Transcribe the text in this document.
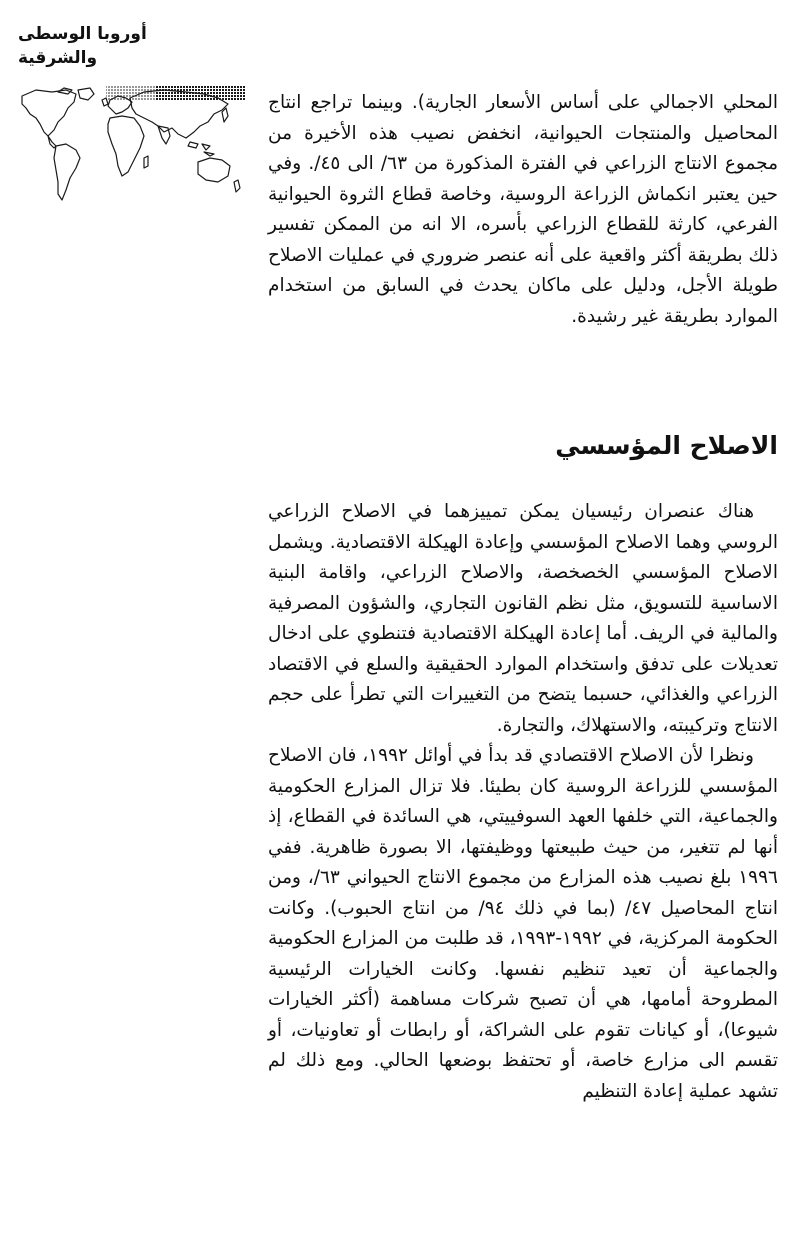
أوروبا الوسطى والشرقية

المحلي الاجمالي على أساس الأسعار الجارية). وبينما تراجع انتاج المحاصيل والمنتجات الحيوانية، انخفض نصيب هذه الأخيرة من مجموع الانتاج الزراعي في الفترة المذكورة من ٦٣/ الى ٤٥/. وفي حين يعتبر انكماش الزراعة الروسية، وخاصة قطاع الثروة الحيوانية الفرعي، كارثة للقطاع الزراعي بأسره، الا انه من الممكن تفسير ذلك بطريقة أكثر واقعية على أنه عنصر ضروري في عمليات الاصلاح طويلة الأجل، ودليل على ماكان يحدث في السابق من استخدام الموارد بطريقة غير رشيدة.

الاصلاح المؤسسي

هناك عنصران رئيسيان يمكن تمييزهما في الاصلاح الزراعي الروسي وهما الاصلاح المؤسسي وإعادة الهيكلة الاقتصادية. ويشمل الاصلاح المؤسسي الخصخصة، والاصلاح الزراعي، واقامة البنية الاساسية للتسويق، مثل نظم القانون التجاري، والشؤون المصرفية والمالية في الريف. أما إعادة الهيكلة الاقتصادية فتنطوي على ادخال تعديلات على تدفق واستخدام الموارد الحقيقية والسلع في الاقتصاد الزراعي والغذائي، حسبما يتضح من التغييرات التي تطرأ على حجم الانتاج وتركيبته، والاستهلاك، والتجارة.

ونظرا لأن الاصلاح الاقتصادي قد بدأ في أوائل ١٩٩٢، فان الاصلاح المؤسسي للزراعة الروسية كان بطيئا. فلا تزال المزارع الحكومية والجماعية، التي خلفها العهد السوفييتي، هي السائدة في القطاع، إذ أنها لم تتغير، من حيث طبيعتها ووظيفتها، الا بصورة ظاهرية. ففي ١٩٩٦ بلغ نصيب هذه المزارع من مجموع الانتاج الحيواني ٦٣/، ومن انتاج المحاصيل ٤٧/ (بما في ذلك ٩٤/ من انتاج الحبوب). وكانت الحكومة المركزية، في ١٩٩٢-١٩٩٣، قد طلبت من المزارع الحكومية والجماعية أن تعيد تنظيم نفسها. وكانت الخيارات الرئيسية المطروحة أمامها، هي أن تصبح شركات مساهمة (أكثر الخيارات شيوعا)، أو كيانات تقوم على الشراكة، أو رابطات أو تعاونيات، أو تقسم الى مزارع خاصة، أو تحتفظ بوضعها الحالي. ومع ذلك لم تشهد عملية إعادة التنظيم
